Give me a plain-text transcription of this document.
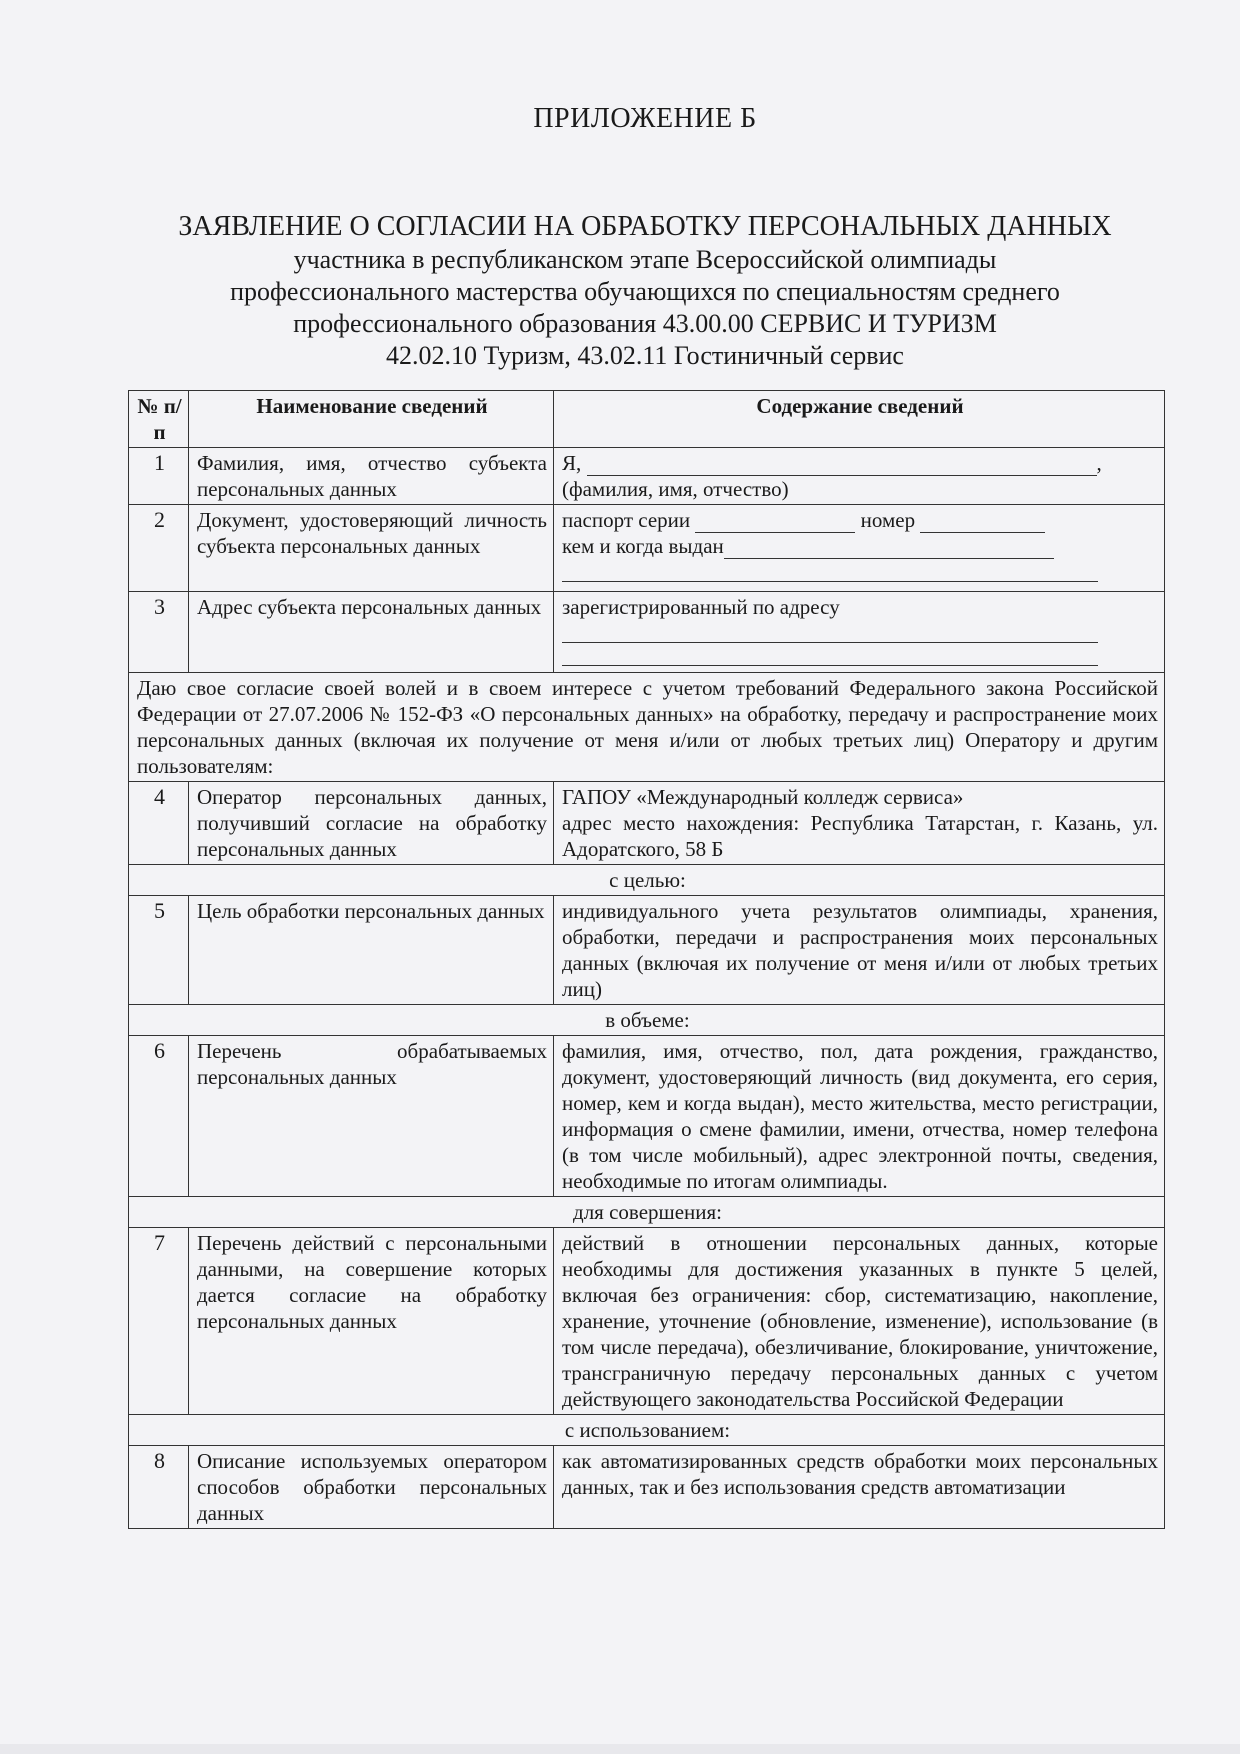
ПРИЛОЖЕНИЕ Б
ЗАЯВЛЕНИЕ О СОГЛАСИИ НА ОБРАБОТКУ ПЕРСОНАЛЬНЫХ ДАННЫХ
участника в республиканском этапе Всероссийской олимпиады
профессионального мастерства обучающихся по специальностям среднего
профессионального образования 43.00.00 СЕРВИС И ТУРИЗМ
42.02.10 Туризм, 43.02.11 Гостиничный сервис
№ п/п	Наименование сведений	Содержание сведений
1	Фамилия, имя, отчество субъекта персональных данных	Я, ,
(фамилия, имя, отчество)

2	Документ, удостоверяющий личность субъекта персональных данных	паспорт серии номер
кем и когда выдан

3	Адрес субъекта персональных данных	зарегистрированный по адресу

Даю свое согласие своей волей и в своем интересе с учетом требований Федерального закона Российской Федерации от 27.07.2006 № 152-ФЗ «О персональных данных» на обработку, передачу и распространение моих персональных данных (включая их получение от меня и/или от любых третьих лиц) Оператору и другим пользователям:		
4	Оператор персональных данных, получивший согласие на обработку персональных данных	ГАПОУ «Международный колледж сервиса»
адрес место нахождения: Республика Татарстан, г. Казань, ул. Адоратского, 58 Б

с целью:		
5	Цель обработки персональных данных	индивидуального учета результатов олимпиады, хранения, обработки, передачи и распространения моих персональных данных (включая их получение от меня и/или от любых третьих лиц)
в объеме:		
6	Перечень обрабатываемых персональных данных	фамилия, имя, отчество, пол, дата рождения, гражданство, документ, удостоверяющий личность (вид документа, его серия, номер, кем и когда выдан), место жительства, место регистрации, информация о смене фамилии, имени, отчества, номер телефона (в том числе мобильный), адрес электронной почты, сведения, необходимые по итогам олимпиады.
для совершения:		
7	Перечень действий с персональными данными, на совершение которых дается согласие на обработку персональных данных	действий в отношении персональных данных, которые необходимы для достижения указанных в пункте 5 целей, включая без ограничения: сбор, систематизацию, накопление, хранение, уточнение (обновление, изменение), использование (в том числе передача), обезличивание, блокирование, уничтожение, трансграничную передачу персональных данных с учетом действующего законодательства Российской Федерации
с использованием:		
8	Описание используемых оператором способов обработки персональных данных	как автоматизированных средств обработки моих персональных данных, так и без использования средств автоматизации
